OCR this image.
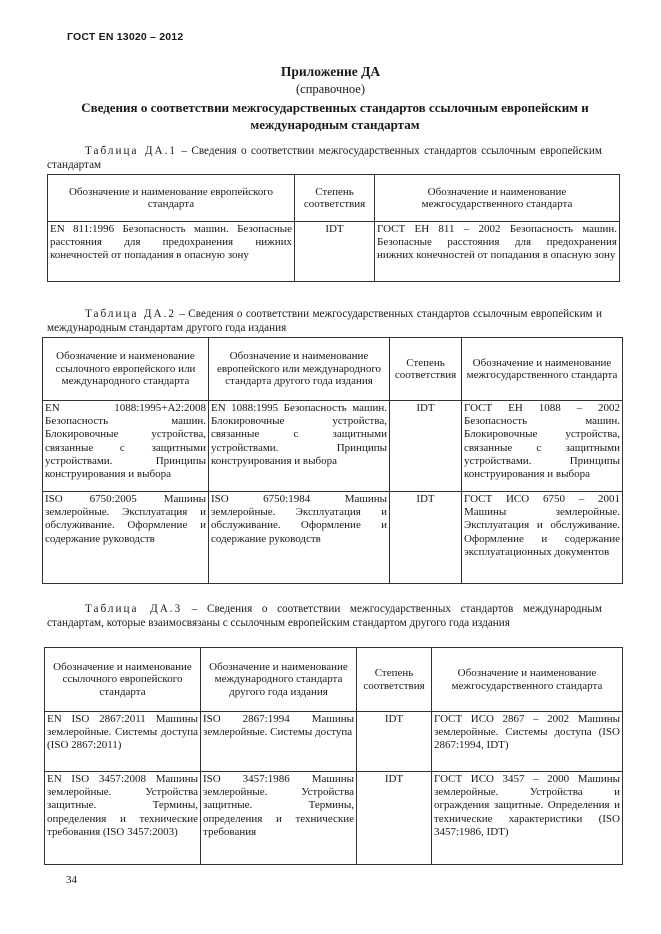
ГОСТ EN 13020 – 2012
Приложение ДА
(справочное)
Сведения о соответствии межгосударственных стандартов ссылочным европейским и международным стандартам
Таблица ДА.1 – Сведения о соответствии межгосударственных стандартов ссылочным европейским стандартам
Обозначение и наименование европейского стандарта	Степень соответствия	Обозначение и наименование межгосударственного стандарта
EN 811:1996 Безопасность машин. Безопасные расстояния для предохранения нижних конечностей от попадания в опасную зону	IDT	ГОСТ EH 811 – 2002 Безопасность машин. Безопасные расстояния для предохранения нижних конечностей от попадания в опасную зону
Таблица ДА.2 – Сведения о соответствии межгосударственных стандартов ссылочным европейским и международным стандартам другого года издания
Обозначение и наименование ссылочного европейского или международного стандарта	Обозначение и наименование европейского или международного стандарта другого года издания	Степень соответствия	Обозначение и наименование межгосударственного стандарта
EN 1088:1995+A2:2008 Безопасность машин. Блокировочные устройства, связанные с защитными устройствами. Принципы конструирования и выбора	EN 1088:1995 Безопасность машин. Блокировочные устройства, связанные с защитными устройствами. Принципы конструирования и выбора	IDT	ГОСТ ЕН 1088 – 2002 Безопасность машин. Блокировочные устройства, связанные с защитными устройствами. Принципы конструирования и выбора
ISO 6750:2005 Машины землеройные. Эксплуатация и обслуживание. Оформление и содержание руководств	ISO 6750:1984 Машины землеройные. Эксплуатация и обслуживание. Оформление и содержание руководств	IDT	ГОСТ ИСО 6750 – 2001 Машины землеройные. Эксплуатация и обслуживание. Оформление и содержание эксплуатационных документов
Таблица ДА.3 – Сведения о соответствии межгосударственных стандартов международным стандартам, которые взаимосвязаны с ссылочным европейским стандартом другого года издания
Обозначение и наименование ссылочного европейского стандарта	Обозначение и наименование международного стандарта другого года издания	Степень соответствия	Обозначение и наименование межгосударственного стандарта
EN ISO 2867:2011 Машины землеройные. Системы доступа (ISO 2867:2011)	ISO 2867:1994 Машины землеройные. Системы доступа	IDT	ГОСТ ИСО 2867 – 2002 Машины землеройные. Системы доступа (ISO 2867:1994, IDT)
EN ISO 3457:2008 Машины землеройные. Устройства защитные. Термины, определения и технические требования (ISO 3457:2003)	ISO 3457:1986 Машины землеройные. Устройства защитные. Термины, определения и технические требования	IDT	ГОСТ ИСО 3457 – 2000 Машины землеройные. Устройства и ограждения защитные. Определения и технические характеристики (ISO 3457:1986, IDT)
34
